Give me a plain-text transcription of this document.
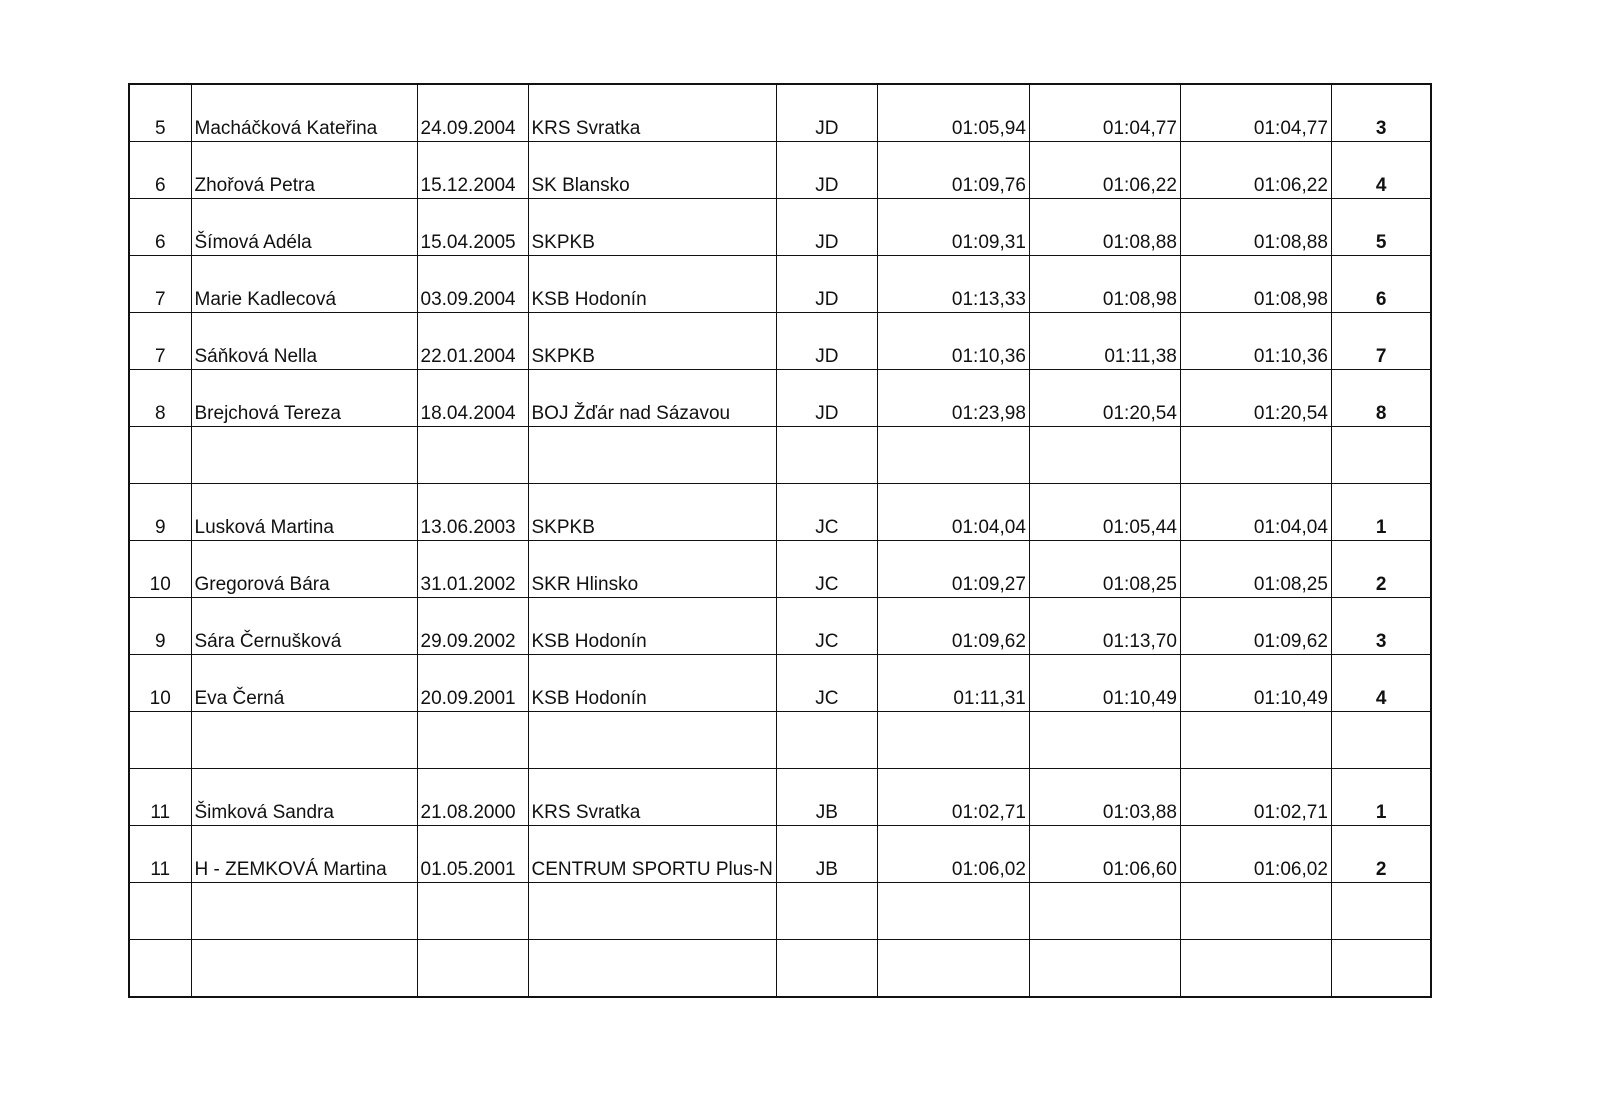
5	Macháčková Kateřina	24.09.2004	KRS Svratka	JD	01:05,94	01:04,77	01:04,77	3
6	Zhořová Petra	15.12.2004	SK Blansko	JD	01:09,76	01:06,22	01:06,22	4
6	Šímová Adéla	15.04.2005	SKPKB	JD	01:09,31	01:08,88	01:08,88	5
7	Marie Kadlecová	03.09.2004	KSB Hodonín	JD	01:13,33	01:08,98	01:08,98	6
7	Sáňková Nella	22.01.2004	SKPKB	JD	01:10,36	01:11,38	01:10,36	7
8	Brejchová Tereza	18.04.2004	BOJ Žďár nad Sázavou	JD	01:23,98	01:20,54	01:20,54	8

9	Lusková Martina	13.06.2003	SKPKB	JC	01:04,04	01:05,44	01:04,04	1
10	Gregorová Bára	31.01.2002	SKR Hlinsko	JC	01:09,27	01:08,25	01:08,25	2
9	Sára Černušková	29.09.2002	KSB Hodonín	JC	01:09,62	01:13,70	01:09,62	3
10	Eva Černá	20.09.2001	KSB Hodonín	JC	01:11,31	01:10,49	01:10,49	4

11	Šimková Sandra	21.08.2000	KRS Svratka	JB	01:02,71	01:03,88	01:02,71	1
11	H - ZEMKOVÁ Martina	01.05.2001	CENTRUM SPORTU Plus-N	JB	01:06,02	01:06,60	01:06,02	2
